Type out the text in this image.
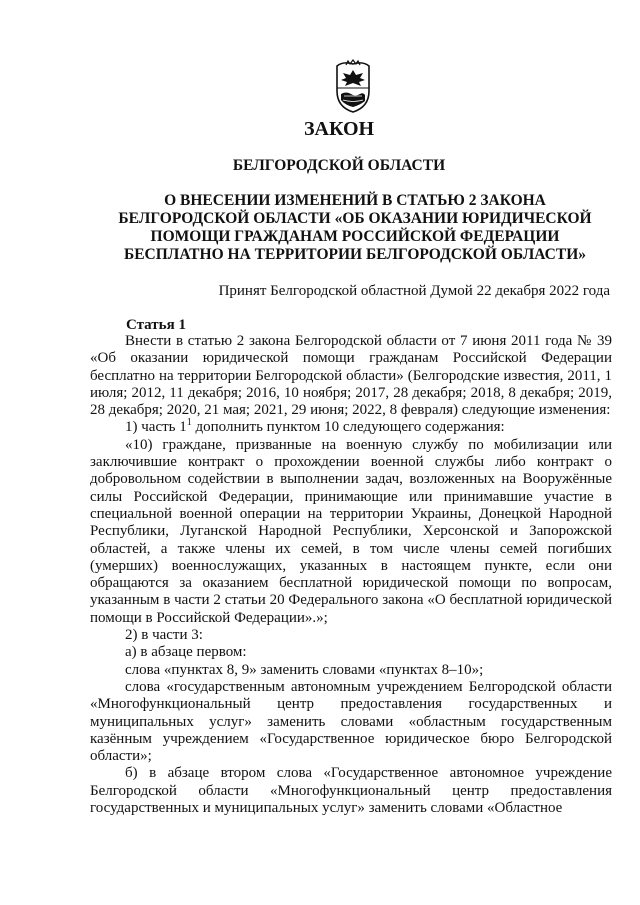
ЗАКОН
БЕЛГОРОДСКОЙ ОБЛАСТИ
О ВНЕСЕНИИ ИЗМЕНЕНИЙ В СТАТЬЮ 2 ЗАКОНА БЕЛГОРОДСКОЙ ОБЛАСТИ «ОБ ОКАЗАНИИ ЮРИДИЧЕСКОЙ ПОМОЩИ ГРАЖДАНАМ РОССИЙСКОЙ ФЕДЕРАЦИИ БЕСПЛАТНО НА ТЕРРИТОРИИ БЕЛГОРОДСКОЙ ОБЛАСТИ»
Принят Белгородской областной Думой 22 декабря 2022 года
Статья 1

Внести в статью 2 закона Белгородской области от 7 июня 2011 года № 39 «Об оказании юридической помощи гражданам Российской Федерации бесплатно на территории Белгородской области» (Белгородские известия, 2011, 1 июля; 2012, 11 декабря; 2016, 10 ноября; 2017, 28 декабря; 2018, 8 декабря; 2019, 28 декабря; 2020, 21 мая; 2021, 29 июня; 2022, 8 февраля) следующие изменения:

1) часть $1^1$ дополнить пунктом 10 следующего содержания:

«10) граждане, призванные на военную службу по мобилизации или заключившие контракт о прохождении военной службы либо контракт о добровольном содействии в выполнении задач, возложенных на Вооружённые силы Российской Федерации, принимающие или принимавшие участие в специальной военной операции на территории Украины, Донецкой Народной Республики, Луганской Народной Республики, Херсонской и Запорожской областей, а также члены их семей, в том числе члены семей погибших (умерших) военнослужащих, указанных в настоящем пункте, если они обращаются за оказанием бесплатной юридической помощи по вопросам, указанным в части 2 статьи 20 Федерального закона «О бесплатной юридической помощи в Российской Федерации».»;

2) в части 3:

а) в абзаце первом:

слова «пунктах 8, 9» заменить словами «пунктах 8–10»;

слова «государственным автономным учреждением Белгородской области «Многофункциональный центр предоставления государственных и муниципальных услуг» заменить словами «областным государственным казённым учреждением «Государственное юридическое бюро Белгородской области»;

б) в абзаце втором слова «Государственное автономное учреждение Белгородской области «Многофункциональный центр предоставления государственных и муниципальных услуг» заменить словами «Областное
